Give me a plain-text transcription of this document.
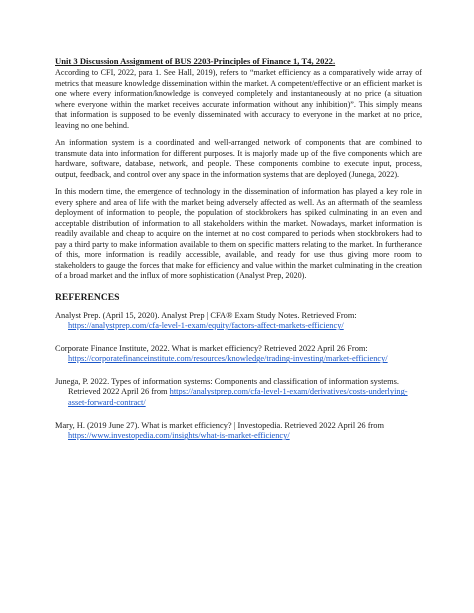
Unit 3 Discussion Assignment of BUS 2203-Principles of Finance 1, T4, 2022.

According to CFI, 2022, para 1. See Hall, 2019), refers to “market efficiency as a comparatively wide array of metrics that measure knowledge dissemination within the market. A competent/effective or an efficient market is one where every information/knowledge is conveyed completely and instantaneously at no price (a situation where everyone within the market receives accurate information without any inhibition)”. This simply means that information is supposed to be evenly disseminated with accuracy to everyone in the market at no price, leaving no one behind.

An information system is a coordinated and well-arranged network of components that are combined to transmute data into information for different purposes. It is majorly made up of the five components which are hardware, software, database, network, and people. These components combine to execute input, process, output, feedback, and control over any space in the information systems that are deployed (Junega, 2022).

In this modern time, the emergence of technology in the dissemination of information has played a key role in every sphere and area of life with the market being adversely affected as well. As an aftermath of the seamless deployment of information to people, the population of stockbrokers has spiked culminating in an even and acceptable distribution of information to all stakeholders within the market. Nowadays, market information is readily available and cheap to acquire on the internet at no cost compared to periods when stockbrokers had to pay a third party to make information available to them on specific matters relating to the market. In furtherance of this, more information is readily accessible, available, and ready for use thus giving more room to stakeholders to gauge the forces that make for efficiency and value within the market culminating in the creation of a broad market and the influx of more sophistication (Analyst Prep, 2020).

REFERENCES

Analyst Prep. (April 15, 2020). Analyst Prep | CFA® Exam Study Notes. Retrieved From:
https://analystprep.com/cfa-level-1-exam/equity/factors-affect-markets-efficiency/

Corporate Finance Institute, 2022. What is market efficiency? Retrieved 2022 April 26 From:
https://corporatefinanceinstitute.com/resources/knowledge/trading-investing/market-efficiency/

Junega, P. 2022. Types of information systems: Components and classification of information systems. Retrieved 2022 April 26 from https://analystprep.com/cfa-level-1-exam/derivatives/costs-underlying-asset-forward-contract/

Mary, H. (2019 June 27). What is market efficiency? | Investopedia. Retrieved 2022 April 26 from https://www.investopedia.com/insights/what-is-market-efficiency/
